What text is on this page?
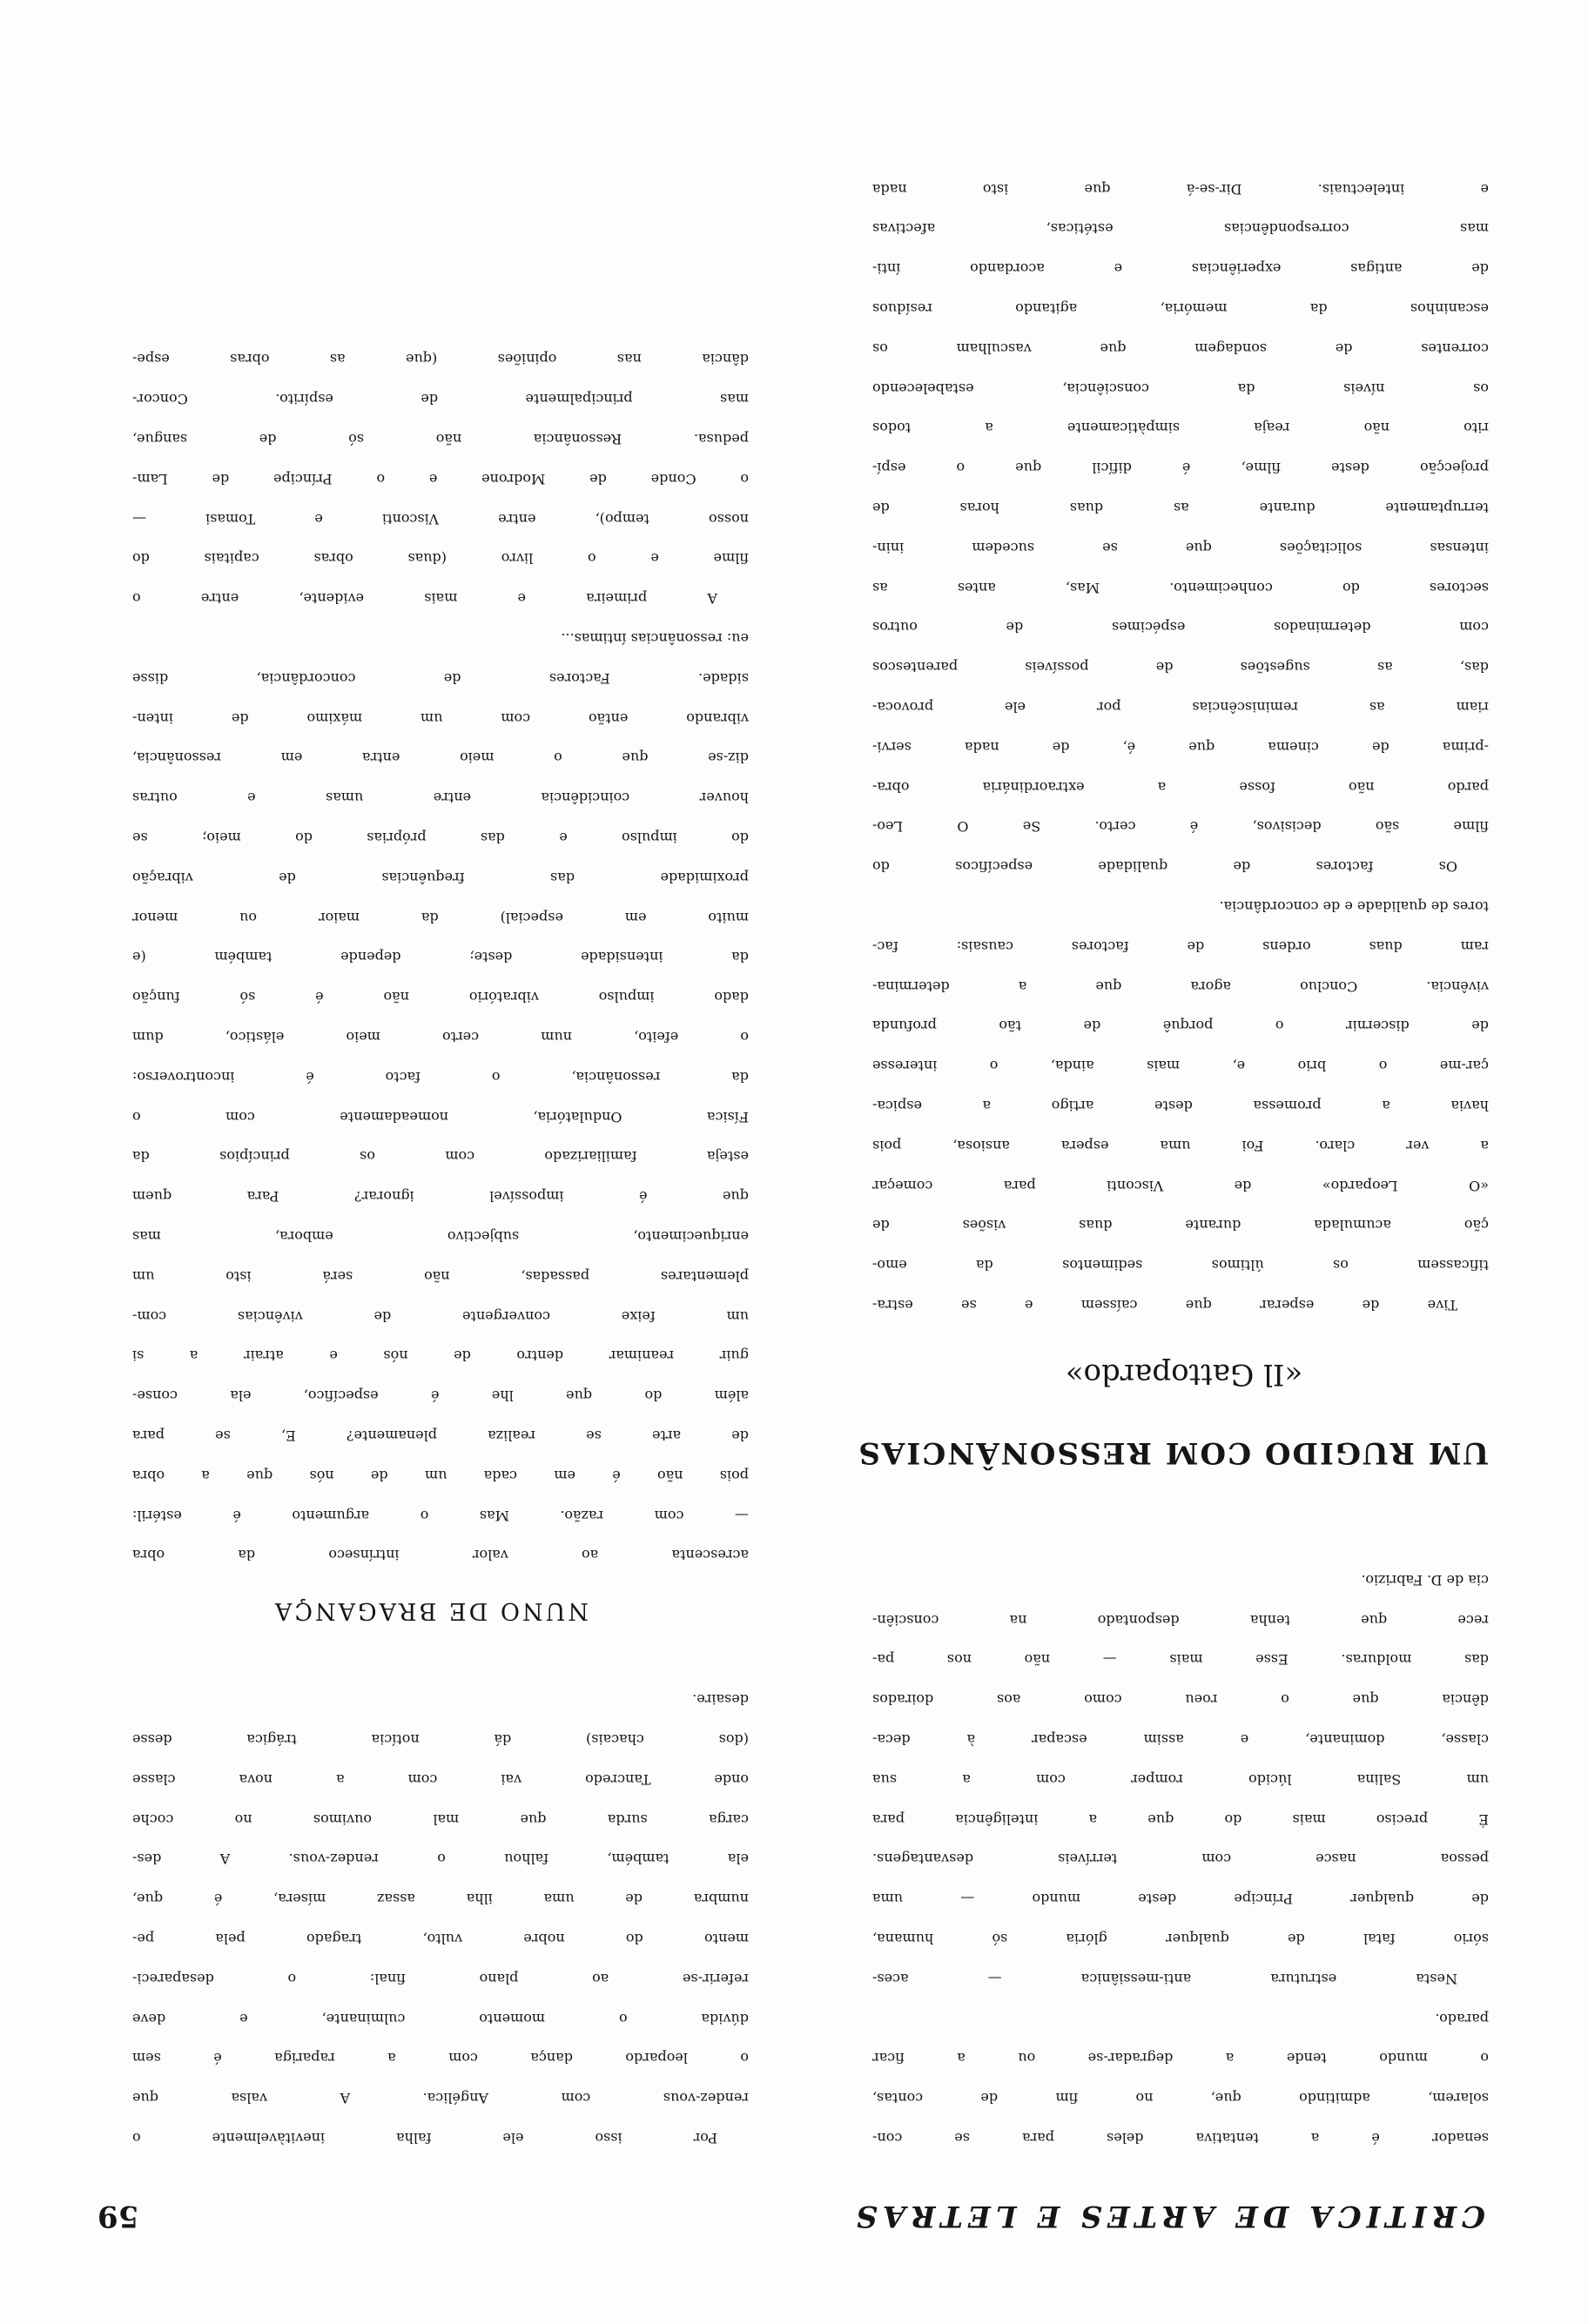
CRITICA DE ARTES E LETRAS
59
senador é a tentativa deles para se con-
solarem, admitindo que, no fim de contas,
o mundo tende a degradar-se ou a ficar
parado.
Nesta estrutura anti-messiânica — aces-
sório fatal de qualquer glória só humana,
de qualquer Príncipe deste mundo — uma
pessoa nasce com terríveis desvantagens.
É preciso mais do que a inteligência para
um Salina lúcido romper com a sua
classe, dominante, e assim escapar à deca-
dência que o roeu como aos doirados
das molduras. Esse mais — não nos pa-
rece que tenha despontado na consciên-
cia de D. Fabrizio.
Por isso ele falha inevitàvelmente o
rendez-vous com Angélica. A valsa que
o leopardo dança com a rapariga é sem
dúvida o momento culminante, e deve
referir-se ao plano final: o desapareci-
mento do nobre vulto, tragado pela pe-
numbra de uma ilha assaz mísera, é que,
ela também, falhou o rendez-vous. A des-
carga surda que mal ouvimos no coche
onde Tancredo vai com a nova classe
(dos chacais) dá notícia trágica desse
desaire.
NUNO DE BRAGANÇA
UM RUGIDO COM RESSONÂNCIAS
«Il Gattopardo»
Tive de esperar que caíssem e se estra-
tificassem os últimos sedimentos da emo-
ção acumulada durante duas visões de
«O Leopardo» de Visconti para começar
a ver claro. Foi uma espera ansiosa, pois
havia a promessa deste artigo a espica-
çar-me o brio e, mais ainda, o interesse
de discernir o porquê de tão profunda
vivência. Concluo agora que a determina-
ram duas ordens de factores causais: fac-
tores de qualidade e de concordância.
Os factores de qualidade específicos do
filme são decisivos, é certo. Se O Leo-
pardo não fosse a extraordinária obra-
-prima de cinema que é, de nada servi-
riam as reminiscências por ele provoca-
das, as sugestões de possíveis parentescos
com determinados espécimes de outros
sectores do conhecimento. Mas, antes as
intensas solicitações que se sucedem inin-
terruptamente durante as duas horas de
projecção deste filme, é difícil que o espí-
rito não reaja simpàticamente a todos
os níveis da consciência, estabelecendo
correntes de sondagem que vasculham os
escaninhos da memória, agitando resíduos
de antigas experiências e acordando ínti-
mas correspondências estéticas, afectivas
e intelectuais. Dir-se-á que isto nada
acrescenta ao valor intrínseco da obra
— com razão. Mas o argumento é estéril:
pois não é em cada um de nós que a obra
de arte se realiza plenamente? E, se para
além do que lhe é específico, ela conse-
guir reanimar dentro de nós e atrair a si
um feixe convergente de vivências com-
plementares passadas, não será isto um
enriquecimento, subjectivo embora, mas
que é impossível ignorar? Para quem
esteja familiarizado com os princípios da
Física Ondulatória, nomeadamente com o
da ressonância, o facto é incontroverso:
o efeito, num certo meio elástico, dum
dado impulso vibratório não é só função
da intensidade deste; depende também (e
muito em especial) da maior ou menor
proximidade das frequências de vibração
do impulso e das próprias do meio; se
houver coincidência entre umas e outras
diz-se que o meio entra em ressonância,
vibrando então com um máximo de inten-
sidade. Factores de concordância, disse
eu: ressonâncias íntimas...
A primeira e mais evidente, entre o
filme e o livro (duas obras capitais do
nosso tempo), entre Visconti e Tomasi —
o Conde de Modrone e o Príncipe de Lam-
pedusa. Ressonância não só de sangue,
mas principalmente de espírito. Concor-
dância nas opiniões (que as obras espe-
